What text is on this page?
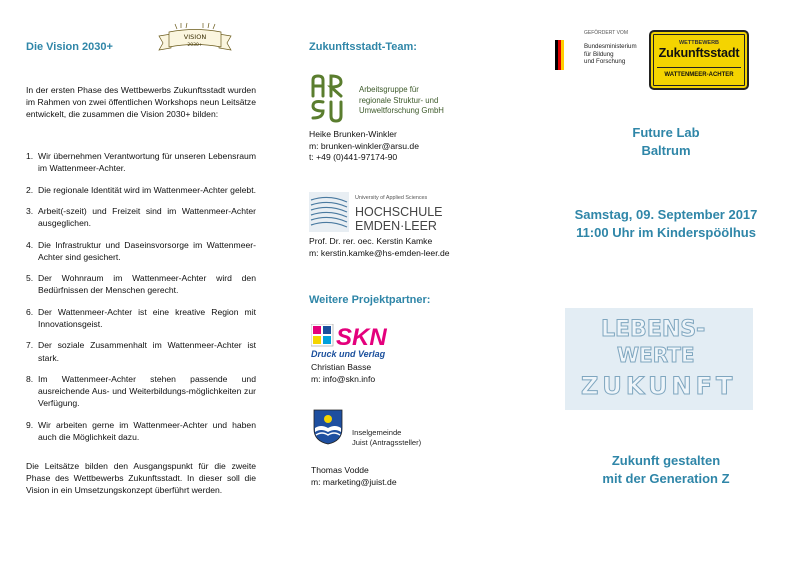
Die Vision 2030+
VISION
2030+

In der ersten Phase des Wettbewerbs Zukunftsstadt wurden im Rahmen von zwei öffentlichen Workshops neun Leitsätze entwickelt, die zusammen die Vision 2030+ bilden:

1. Wir übernehmen Verantwortung für unseren Lebensraum im Wattenmeer-Achter.
2. Die regionale Identität wird im Wattenmeer-Achter gelebt.
3. Arbeit(-szeit) und Freizeit sind im Wattenmeer-Achter ausgeglichen.
4. Die Infrastruktur und Daseinsvorsorge im Wattenmeer-Achter sind gesichert.
5. Der Wohnraum im Wattenmeer-Achter wird den Bedürfnissen der Menschen gerecht.
6. Der Wattenmeer-Achter ist eine kreative Region mit Innovationsgeist.
7. Der soziale Zusammenhalt im Wattenmeer-Achter ist stark.
8. Im Wattenmeer-Achter stehen passende und ausreichende Aus- und Weiterbildungs-möglichkeiten zur Verfügung.
9. Wir arbeiten gerne im Wattenmeer-Achter und haben auch die Möglichkeit dazu.

Die Leitsätze bilden den Ausgangspunkt für die zweite Phase des Wettbewerbs Zukunftsstadt. In dieser soll die Vision in ein Umsetzungskonzept überführt werden.

Zukunftsstadt-Team:
Arbeitsgruppe für
regionale Struktur- und
Umweltforschung GmbH
Heike Brunken-Winkler
m: brunken-winkler@arsu.de
t: +49 (0)441-97174-90
University of Applied Sciences
HOCHSCHULE
EMDEN·LEER
Prof. Dr. rer. oec. Kerstin Kamke
m: kerstin.kamke@hs-emden-leer.de
Weitere Projektpartner:
SKN
Druck und Verlag
Christian Basse
m: info@skn.info
Inselgemeinde
Juist (Antragssteller)
Thomas Vodde
m: marketing@juist.de
GEFÖRDERT VOM
Bundesministerium
für Bildung
und Forschung
WETTBEWERB
Zukunftsstadt
WATTENMEER-ACHTER
Future Lab
Baltrum
Samstag, 09. September 2017
11:00 Uhr im Kinderspöölhus
LEBENS-
WERTE
ZUKUNFT
Zukunft gestalten
mit der Generation Z
